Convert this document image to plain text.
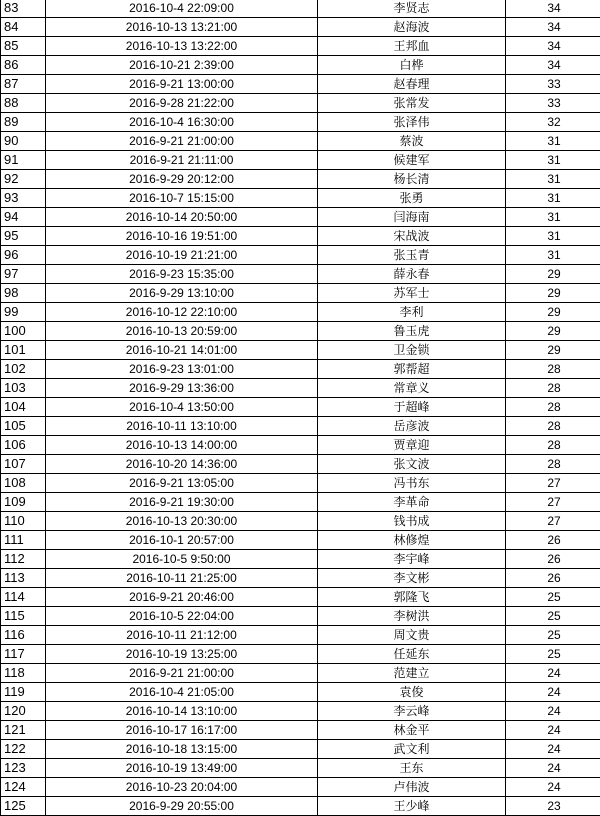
83	2016-10-4 22:09:00	李贤志	34
84	2016-10-13 13:21:00	赵海波	34
85	2016-10-13 13:22:00	王邦血	34
86	2016-10-21 2:39:00	白桦	34
87	2016-9-21 13:00:00	赵春理	33
88	2016-9-28 21:22:00	张常发	33
89	2016-10-4 16:30:00	张泽伟	32
90	2016-9-21 21:00:00	蔡波	31
91	2016-9-21 21:11:00	候建军	31
92	2016-9-29 20:12:00	杨长清	31
93	2016-10-7 15:15:00	张勇	31
94	2016-10-14 20:50:00	闫海南	31
95	2016-10-16 19:51:00	宋战波	31
96	2016-10-19 21:21:00	张玉青	31
97	2016-9-23 15:35:00	薛永春	29
98	2016-9-29 13:10:00	苏军士	29
99	2016-10-12 22:10:00	李利	29
100	2016-10-13 20:59:00	鲁玉虎	29
101	2016-10-21 14:01:00	卫金锁	29
102	2016-9-23 13:01:00	郭帮超	28
103	2016-9-29 13:36:00	常章义	28
104	2016-10-4 13:50:00	于超峰	28
105	2016-10-11 13:10:00	岳彦波	28
106	2016-10-13 14:00:00	贾章迎	28
107	2016-10-20 14:36:00	张文波	28
108	2016-9-21 13:05:00	冯书东	27
109	2016-9-21 19:30:00	李革命	27
110	2016-10-13 20:30:00	钱书成	27
111	2016-10-1 20:57:00	林修煌	26
112	2016-10-5 9:50:00	李宇峰	26
113	2016-10-11 21:25:00	李文彬	26
114	2016-9-21 20:46:00	郭隆飞	25
115	2016-10-5 22:04:00	李树洪	25
116	2016-10-11 21:12:00	周文贵	25
117	2016-10-19 13:25:00	任延东	25
118	2016-9-21 21:00:00	范建立	24
119	2016-10-4 21:05:00	袁俊	24
120	2016-10-14 13:10:00	李云峰	24
121	2016-10-17 16:17:00	林金平	24
122	2016-10-18 13:15:00	武文利	24
123	2016-10-19 13:49:00	王东	24
124	2016-10-23 20:04:00	卢伟波	24
125	2016-9-29 20:55:00	王少峰	23
